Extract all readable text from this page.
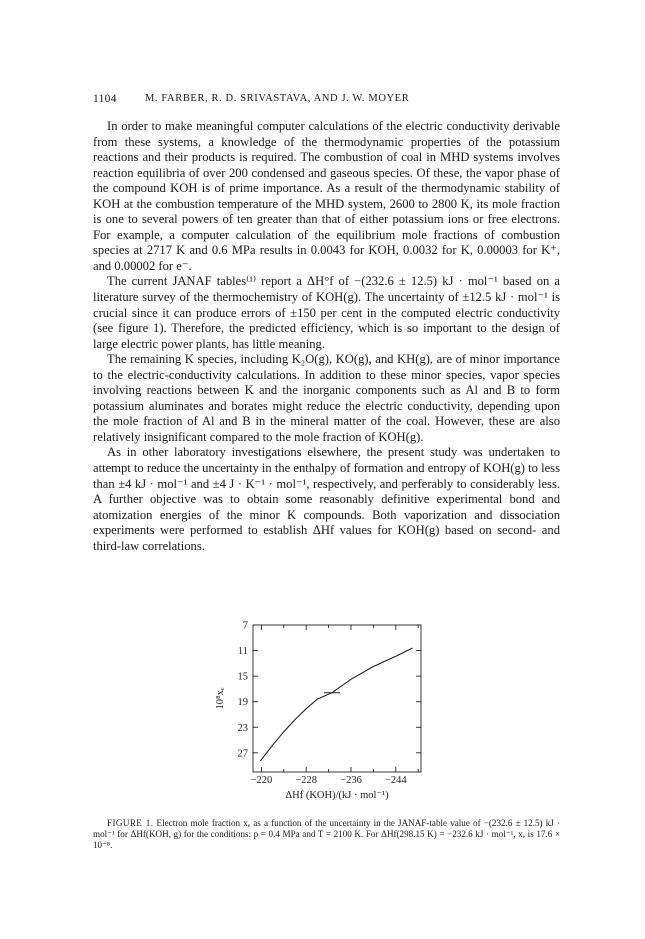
1104	M. FARBER, R. D. SRIVASTAVA, AND J. W. MOYER

In order to make meaningful computer calculations of the electric conductivity derivable from these systems, a knowledge of the thermodynamic properties of the potassium reactions and their products is required. The combustion of coal in MHD systems involves reaction equilibria of over 200 condensed and gaseous species. Of these, the vapor phase of the compound KOH is of prime importance. As a result of the thermodynamic stability of KOH at the combustion temperature of the MHD system, 2600 to 2800 K, its mole fraction is one to several powers of ten greater than that of either potassium ions or free electrons. For example, a computer calculation of the equilibrium mole fractions of combustion species at 2717 K and 0.6 MPa results in 0.0043 for KOH, 0.0032 for K, 0.00003 for K⁺, and 0.00002 for e⁻.

The current JANAF tables⁽¹⁾ report a ΔH°f of −(232.6 ± 12.5) kJ · mol⁻¹ based on a literature survey of the thermochemistry of KOH(g). The uncertainty of ±12.5 kJ · mol⁻¹ is crucial since it can produce errors of ±150 per cent in the computed electric conductivity (see figure 1). Therefore, the predicted efficiency, which is so important to the design of large electric power plants, has little meaning.

The remaining K species, including K₂O(g), KO(g), and KH(g), are of minor importance to the electric-conductivity calculations. In addition to these minor species, vapor species involving reactions between K and the inorganic components such as Al and B to form potassium aluminates and borates might reduce the electric conductivity, depending upon the mole fraction of Al and B in the mineral matter of the coal. However, these are also relatively insignificant compared to the mole fraction of KOH(g).

As in other laboratory investigations elsewhere, the present study was undertaken to attempt to reduce the uncertainty in the enthalpy of formation and entropy of KOH(g) to less than ±4 kJ · mol⁻¹ and ±4 J · K⁻¹ · mol⁻¹, respectively, and perferably to considerably less. A further objective was to obtain some reasonably definitive experimental bond and atomization energies of the minor K compounds. Both vaporization and dissociation experiments were performed to establish ΔHf values for KOH(g) based on second- and third-law correlations.

7
11
15
19
23
27
−220 −228 −236 −244
10⁸xₑ
ΔHf (KOH)/(kJ · mol⁻¹)
FIGURE 1. Electron mole fraction xₑ as a function of the uncertainty in the JANAF-table value of −(232.6 ± 12.5) kJ · mol⁻¹ for ΔHf(KOH, g) for the conditions: p = 0.4 MPa and T = 2100 K. For ΔHf(298.15 K) = −232.6 kJ · mol⁻¹, xₑ is 17.6 × 10⁻⁸.
